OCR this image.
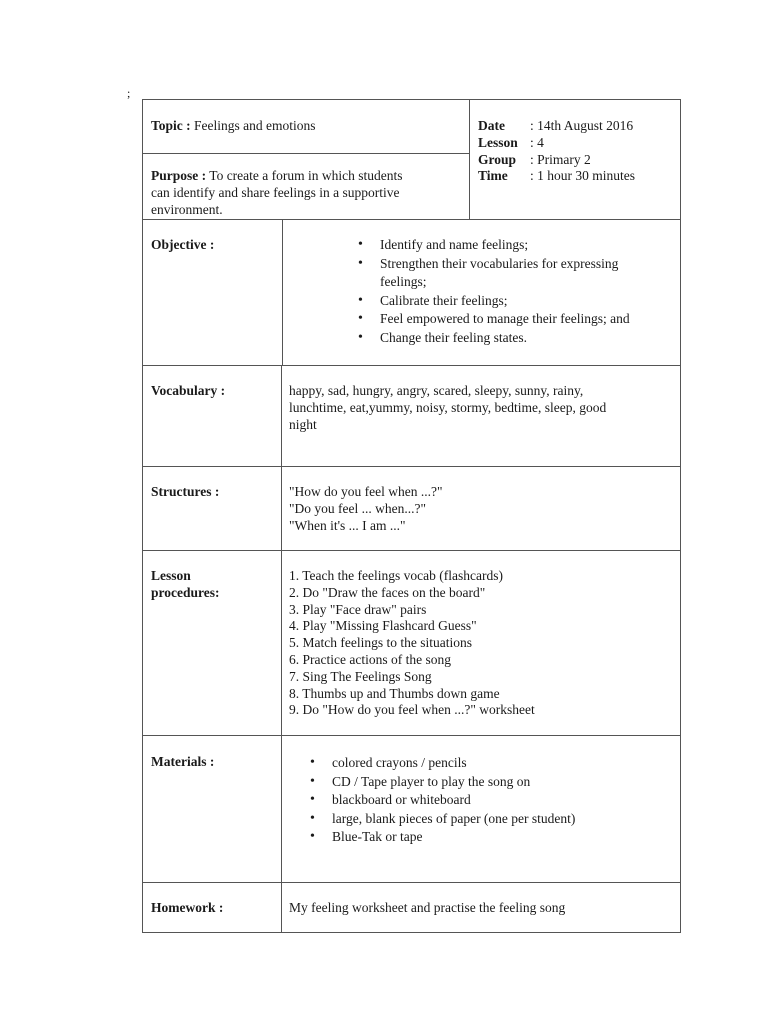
;
Topic : Feelings and emotions
Purpose : To create a forum in which students
can identify and share feelings in a supportive
environment.
Date	: 14th August 2016
Lesson : 4
Group	: Primary 2
Time	: 1 hour 30 minutes
Objective :	• Identify and name feelings;
• Strengthen their vocabularies for expressing
feelings;
• Calibrate their feelings;
• Feel empowered to manage their feelings; and
• Change their feeling states.
Vocabulary :	happy, sad, hungry, angry, scared, sleepy, sunny, rainy,
lunchtime, eat,yummy, noisy, stormy, bedtime, sleep, good
night
Structures :	"How do you feel when ...?"
"Do you feel ... when...?"
"When it's ... I am ..."
Lesson
procedures:
1. Teach the feelings vocab (flashcards)
2. Do "Draw the faces on the board"
3. Play "Face draw" pairs
4. Play "Missing Flashcard Guess"
5. Match feelings to the situations
6. Practice actions of the song
7. Sing The Feelings Song
8. Thumbs up and Thumbs down game
9. Do "How do you feel when ...?" worksheet
Materials :	• colored crayons / pencils
• CD / Tape player to play the song on
• blackboard or whiteboard
• large, blank pieces of paper (one per student)
• Blue-Tak or tape
Homework :	My feeling worksheet and practise the feeling song
